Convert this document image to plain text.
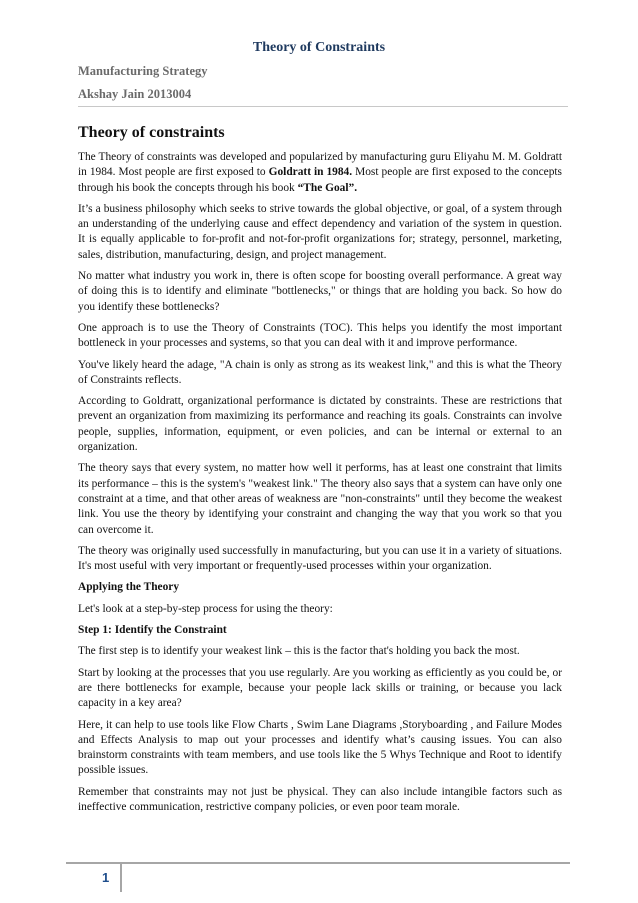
Theory of Constraints
Manufacturing Strategy
Akshay Jain 2013004
Theory of constraints

The Theory of constraints was developed and popularized by manufacturing guru Eliyahu M. M. Goldratt in 1984. Most people are first exposed to Goldratt in 1984. Most people are first exposed to the concepts through his book the concepts through his book “The Goal”.

It’s a business philosophy which seeks to strive towards the global objective, or goal, of a system through an understanding of the underlying cause and effect dependency and variation of the system in question. It is equally applicable to for-profit and not-for-profit organizations for; strategy, personnel, marketing, sales, distribution, manufacturing, design, and project management.

No matter what industry you work in, there is often scope for boosting overall performance. A great way of doing this is to identify and eliminate "bottlenecks," or things that are holding you back. So how do you identify these bottlenecks?

One approach is to use the Theory of Constraints (TOC). This helps you identify the most important bottleneck in your processes and systems, so that you can deal with it and improve performance.

You've likely heard the adage, "A chain is only as strong as its weakest link," and this is what the Theory of Constraints reflects.

According to Goldratt, organizational performance is dictated by constraints. These are restrictions that prevent an organization from maximizing its performance and reaching its goals. Constraints can involve people, supplies, information, equipment, or even policies, and can be internal or external to an organization.

The theory says that every system, no matter how well it performs, has at least one constraint that limits its performance – this is the system's "weakest link." The theory also says that a system can have only one constraint at a time, and that other areas of weakness are "non-constraints" until they become the weakest link. You use the theory by identifying your constraint and changing the way that you work so that you can overcome it.

The theory was originally used successfully in manufacturing, but you can use it in a variety of situations. It's most useful with very important or frequently-used processes within your organization.

Applying the Theory

Let's look at a step-by-step process for using the theory:

Step 1: Identify the Constraint

The first step is to identify your weakest link – this is the factor that's holding you back the most.

Start by looking at the processes that you use regularly. Are you working as efficiently as you could be, or are there bottlenecks for example, because your people lack skills or training, or because you lack capacity in a key area?

Here, it can help to use tools like Flow Charts , Swim Lane Diagrams ,Storyboarding , and Failure Modes and Effects Analysis to map out your processes and identify what’s causing issues. You can also brainstorm constraints with team members, and use tools like the 5 Whys Technique and Root to identify possible issues.

Remember that constraints may not just be physical. They can also include intangible factors such as ineffective communication, restrictive company policies, or even poor team morale.

1
